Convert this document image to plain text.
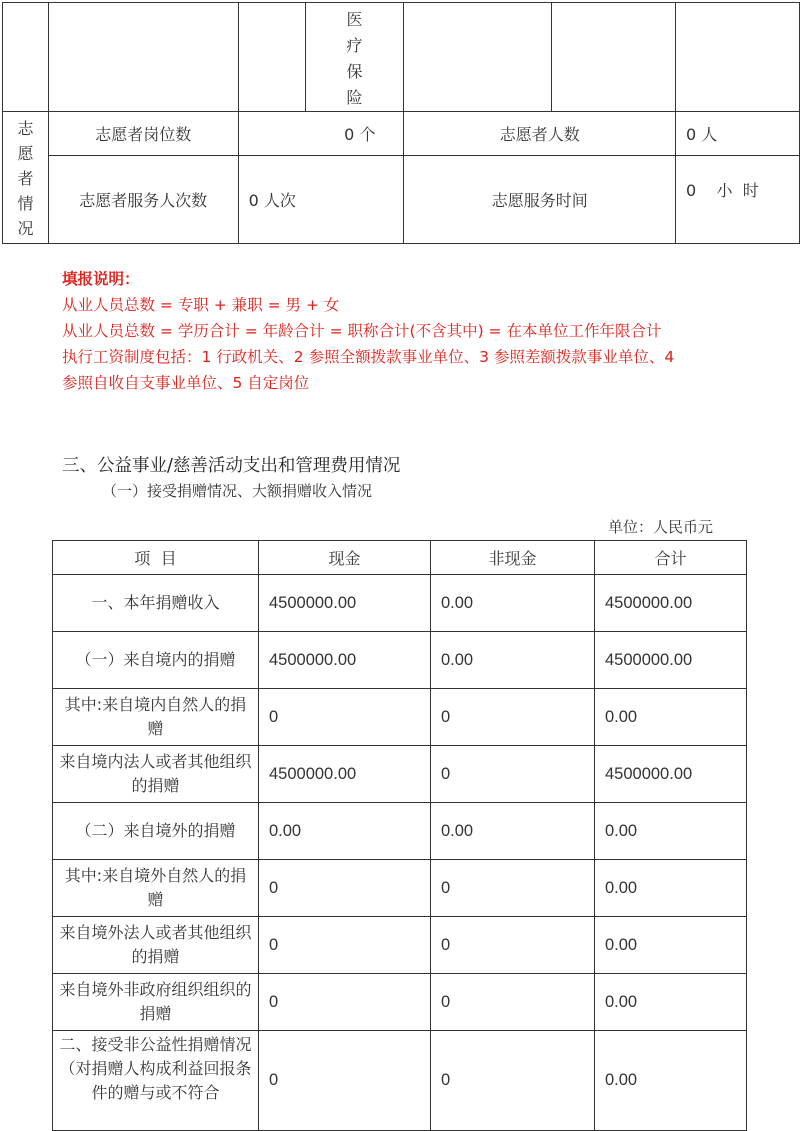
			医
疗
保
险			

志
愿
者
情
况	志愿者岗位数	0 个		志愿者人数		0 人
	志愿者服务人次数	0 人次		志愿服务时间		0    小  时
填报说明：
从业人员总数 = 专职 + 兼职 = 男 + 女
从业人员总数 = 学历合计 = 年龄合计 = 职称合计(不含其中) = 在本单位工作年限合计
执行工资制度包括：1 行政机关、2 参照全额拨款事业单位、3 参照差额拨款事业单位、4
参照自收自支事业单位、5 自定岗位
三、公益事业/慈善活动支出和管理费用情况
（一）接受捐赠情况、大额捐赠收入情况
单位：人民币元
项  目	现金	非现金	合计
一、本年捐赠收入	4500000.00	0.00	4500000.00
（一）来自境内的捐赠	4500000.00	0.00	4500000.00
其中:来自境内自然人的捐赠	0	0	0.00
来自境内法人或者其他组织的捐赠	4500000.00	0	4500000.00
（二）来自境外的捐赠	0.00	0.00	0.00
其中:来自境外自然人的捐赠	0	0	0.00
来自境外法人或者其他组织的捐赠	0	0	0.00
来自境外非政府组织组织的捐赠	0	0	0.00
二、接受非公益性捐赠情况（对捐赠人构成利益回报条件的赠与或不符合	0	0	0.00
